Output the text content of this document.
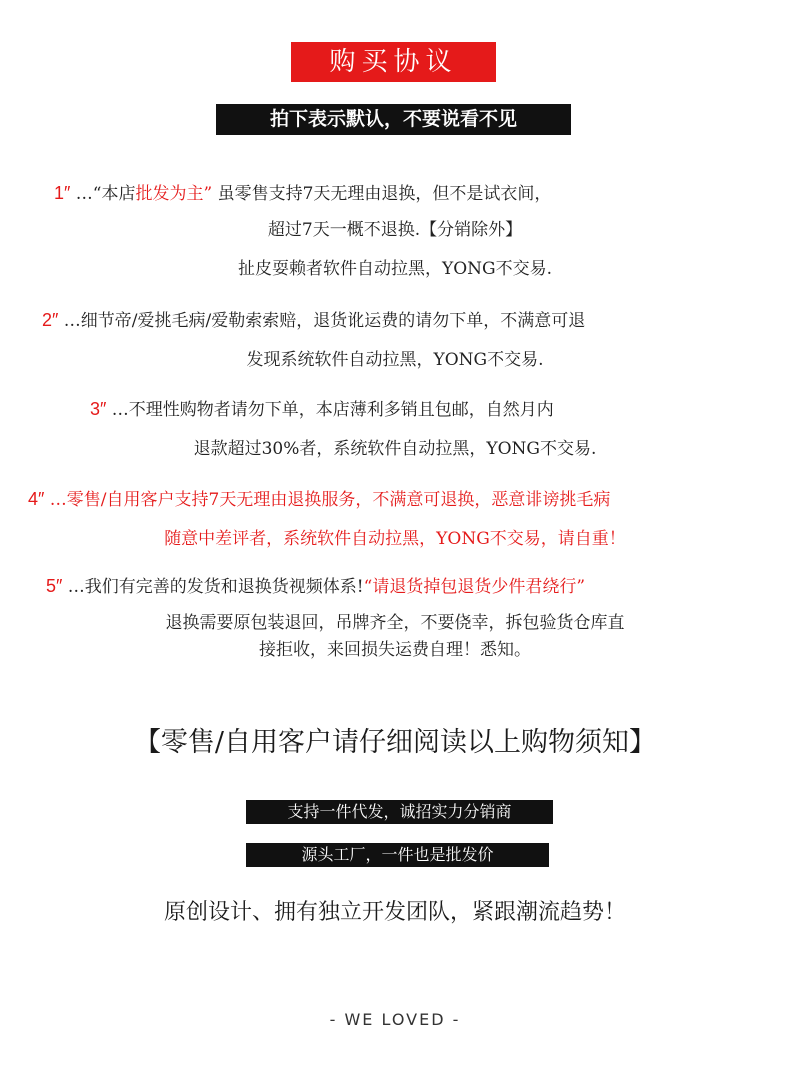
购买协议
拍下表示默认，不要说看不见
1″ …“本店批发为主” 虽零售支持7天无理由退换，但不是试衣间，
超过7天一概不退换.【分销除外】
扯皮耍赖者软件自动拉黑，YONG不交易.
2″ …细节帝/爱挑毛病/爱勒索索赔，退货讹运费的请勿下单，不满意可退
发现系统软件自动拉黑，YONG不交易.
3″ …不理性购物者请勿下单，本店薄利多销且包邮，自然月内
退款超过30%者，系统软件自动拉黑，YONG不交易.
4″ …零售/自用客户支持7天无理由退换服务，不满意可退换，恶意诽谤挑毛病
随意中差评者，系统软件自动拉黑，YONG不交易，请自重！
5″ …我们有完善的发货和退换货视频体系!“请退货掉包退货少件君绕行”
退换需要原包装退回，吊牌齐全，不要侥幸，拆包验货仓库直
接拒收，来回损失运费自理！悉知。
【零售/自用客户请仔细阅读以上购物须知】
支持一件代发，诚招实力分销商
源头工厂，一件也是批发价
原创设计、拥有独立开发团队，紧跟潮流趋势！
- WE LOVED -
